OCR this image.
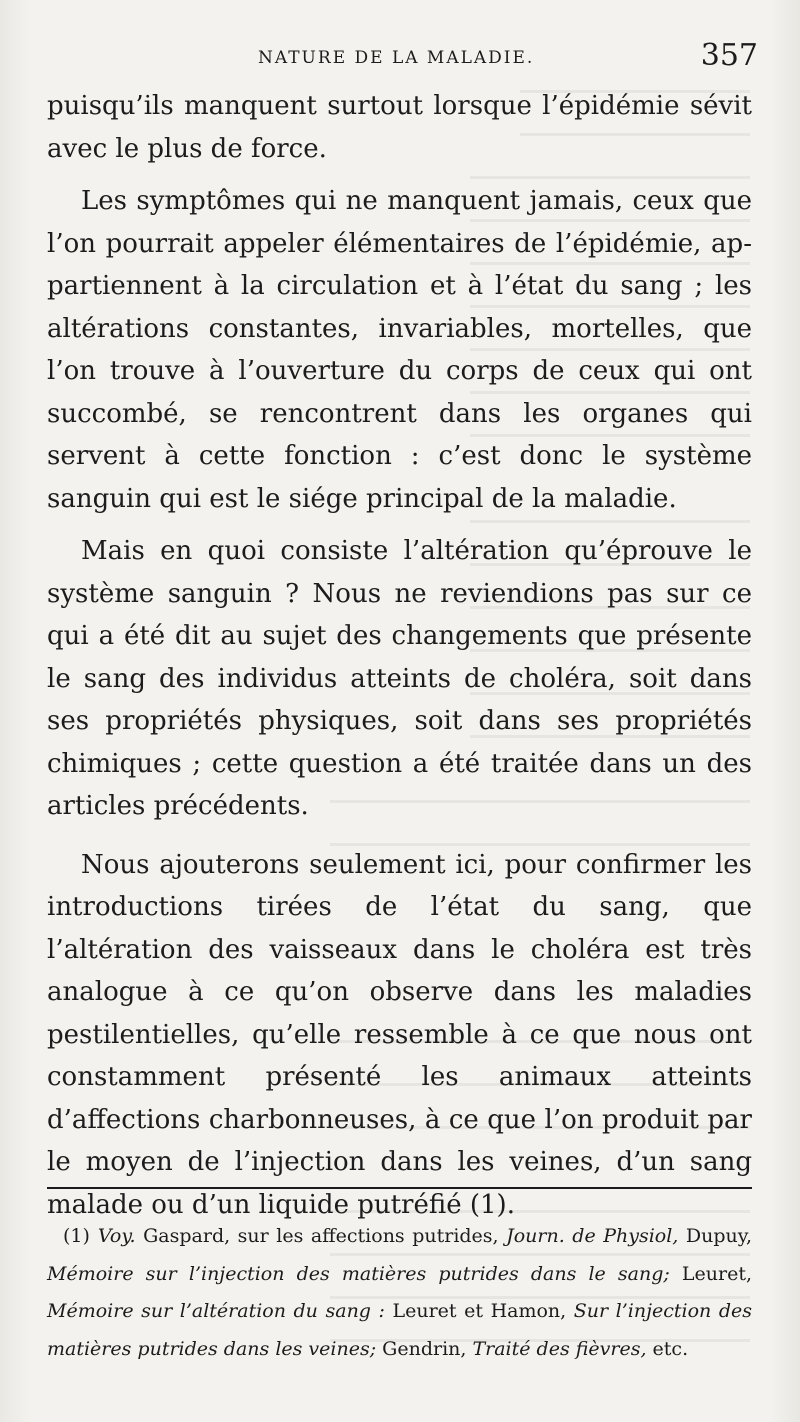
NATURE DE LA MALADIE.	357

puisqu’ils manquent surtout lorsque l’épidémie sévit avec le plus de force.

Les symptômes qui ne manquent jamais, ceux que l’on pourrait appeler élémentaires de l’épidémie, appartiennent à la circulation et à l’état du sang ; les altérations constantes, invariables, mortelles, que l’on trouve à l’ouverture du corps de ceux qui ont succombé, se rencontrent dans les organes qui servent à cette fonction : c’est donc le système sanguin qui est le siége principal de la maladie.

Mais en quoi consiste l’altération qu’éprouve le système sanguin ? Nous ne reviendions pas sur ce qui a été dit au sujet des changements que présente le sang des individus atteints de choléra, soit dans ses propriétés physiques, soit dans ses propriétés chimiques ; cette question a été traitée dans un des articles précédents.

Nous ajouterons seulement ici, pour confirmer les introductions tirées de l’état du sang, que l’altération des vaisseaux dans le choléra est très analogue à ce qu’on observe dans les maladies pestilentielles, qu’elle ressemble à ce que nous ont constamment présenté les animaux atteints d’affections charbonneuses, à ce que l’on produit par le moyen de l’injection dans les veines, d’un sang malade ou d’un liquide putréfié (1).

(1) Voy. Gaspard, sur les affections putrides, Journ. de Physiol, Dupuy, Mémoire sur l’injection des matières putrides dans le sang; Leuret, Mémoire sur l’altération du sang : Leuret et Hamon, Sur l’injection des matières putrides dans les veines; Gendrin, Traité des fièvres, etc.
